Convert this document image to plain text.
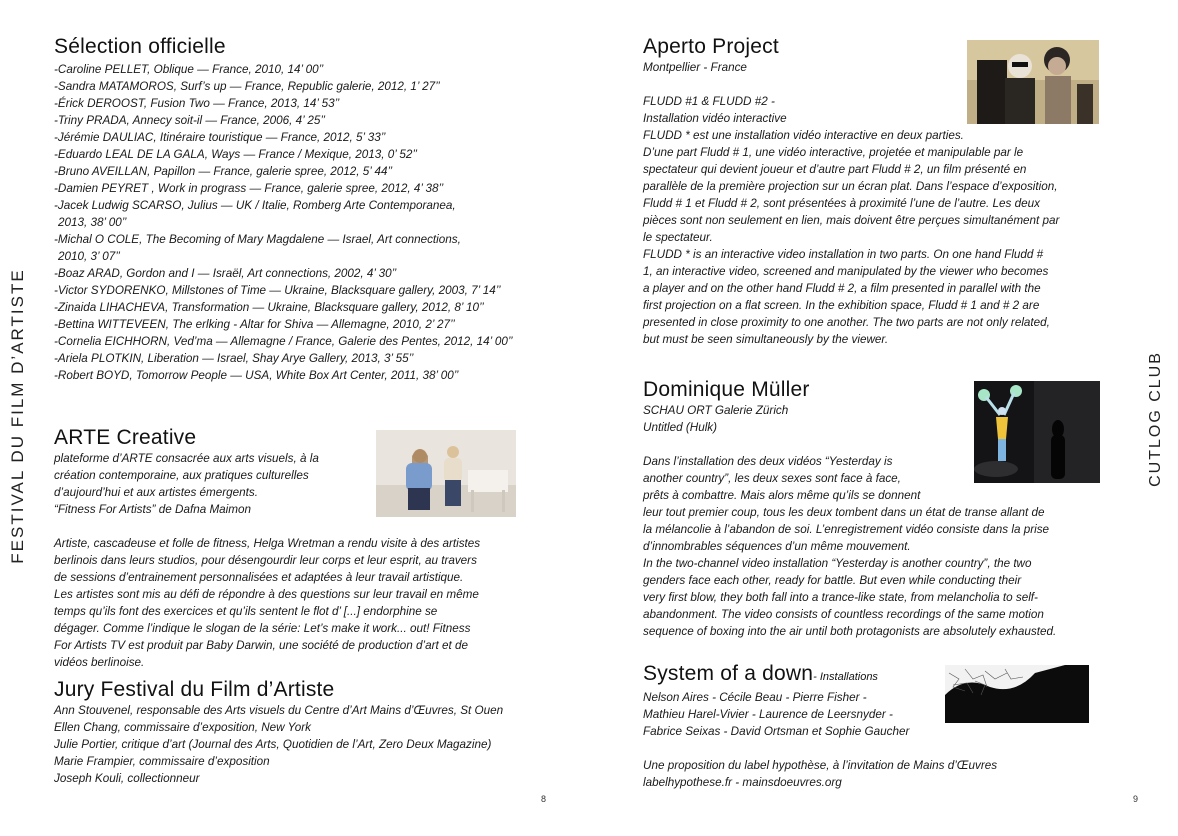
FESTIVAL DU FILM D’ARTISTE	CUTLOG CLUB
Sélection officielle
-Caroline PELLET, Oblique — France, 2010, 14’ 00’’
-Sandra MATAMOROS, Surf’s up — France, Republic galerie, 2012, 1’ 27’’
-Érick DEROOST, Fusion Two — France, 2013, 14’ 53’’
-Triny PRADA, Annecy soit-il — France, 2006, 4’ 25’’
-Jérémie DAULIAC, Itinéraire touristique — France, 2012, 5’ 33’’
-Eduardo LEAL DE LA GALA, Ways — France / Mexique, 2013, 0’ 52’’
-Bruno AVEILLAN, Papillon — France, galerie spree, 2012, 5’ 44’’
-Damien PEYRET , Work in prograss — France, galerie spree, 2012, 4’ 38’’
-Jacek Ludwig SCARSO, Julius — UK / Italie, Romberg Arte Contemporanea,
2013, 38’ 00’’
-Michal O COLE, The Becoming of Mary Magdalene — Israel, Art connections,
2010, 3’ 07’’
-Boaz ARAD, Gordon and I — Israël, Art connections, 2002, 4’ 30’’
-Victor SYDORENKO, Millstones of Time — Ukraine, Blacksquare gallery, 2003, 7’ 14’’
-Zinaida LIHACHEVA, Transformation — Ukraine, Blacksquare gallery, 2012, 8’ 10’’
-Bettina WITTEVEEN, The erlking - Altar for Shiva — Allemagne, 2010, 2’ 27’’
-Cornelia EICHHORN, Ved’ma — Allemagne / France, Galerie des Pentes, 2012, 14’ 00’’
-Ariela PLOTKIN, Liberation — Israel, Shay Arye Gallery, 2013, 3’ 55’’
-Robert BOYD, Tomorrow People — USA, White Box Art Center, 2011, 38’ 00’’
ARTE Creative
plateforme d’ARTE consacrée aux arts visuels, à la
création contemporaine, aux pratiques culturelles
d’aujourd’hui et aux artistes émergents.
“Fitness For Artists” de Dafna Maimon
Artiste, cascadeuse et folle de fitness, Helga Wretman a rendu visite à des artistes
berlinois dans leurs studios, pour désengourdir leur corps et leur esprit, au travers
de sessions d’entrainement personnalisées et adaptées à leur travail artistique.
Les artistes sont mis au défi de répondre à des questions sur leur travail en même
temps qu’ils font des exercices et qu’ils sentent le flot d’ [...] endorphine se
dégager. Comme l’indique le slogan de la série: Let’s make it work... out! Fitness
For Artists TV est produit par Baby Darwin, une société de production d’art et de
vidéos berlinoise.
Jury Festival du Film d’Artiste
Ann Stouvenel, responsable des Arts visuels du Centre d’Art Mains d’Œuvres, St Ouen
Ellen Chang, commissaire d’exposition, New York
Julie Portier, critique d’art (Journal des Arts, Quotidien de l’Art, Zero Deux Magazine)
Marie Frampier, commissaire d’exposition
Joseph Kouli, collectionneur
8
Aperto Project
Montpellier - France
FLUDD #1 & FLUDD #2 -
Installation vidéo interactive
FLUDD * est une installation vidéo interactive en deux parties.
D’une part Fludd # 1, une vidéo interactive, projetée et manipulable par le
spectateur qui devient joueur et d’autre part Fludd # 2, un film présenté en
parallèle de la première projection sur un écran plat. Dans l’espace d’exposition,
Fludd # 1 et Fludd # 2, sont présentées à proximité l’une de l’autre. Les deux
pièces sont non seulement en lien, mais doivent être perçues simultanément par
le spectateur.
FLUDD * is an interactive video installation in two parts. On one hand Fludd #
1, an interactive video, screened and manipulated by the viewer who becomes
a player and on the other hand Fludd # 2, a film presented in parallel with the
first projection on a flat screen. In the exhibition space, Fludd # 1 and # 2 are
presented in close proximity to one another. The two parts are not only related,
but must be seen simultaneously by the viewer.
Dominique Müller
SCHAU ORT Galerie Zürich
Untitled (Hulk)
Dans l’installation des deux vidéos “Yesterday is
another country”, les deux sexes sont face à face,
prêts à combattre. Mais alors même qu’ils se donnent
leur tout premier coup, tous les deux tombent dans un état de transe allant de
la mélancolie à l’abandon de soi. L’enregistrement vidéo consiste dans la prise
d’innombrables séquences d’un même mouvement.
In the two-channel video installation “Yesterday is another country”, the two
genders face each other, ready for battle. But even while conducting their
very first blow, they both fall into a trance-like state, from melancholia to self-
abandonment. The video consists of countless recordings of the same motion
sequence of boxing into the air until both protagonists are absolutely exhausted.
System of a down- Installations
Nelson Aires - Cécile Beau - Pierre Fisher -
Mathieu Harel-Vivier - Laurence de Leersnyder -
Fabrice Seixas - David Ortsman et Sophie Gaucher
Une proposition du label hypothèse, à l’invitation de Mains d’Œuvres
labelhypothese.fr - mainsdoeuvres.org
9
